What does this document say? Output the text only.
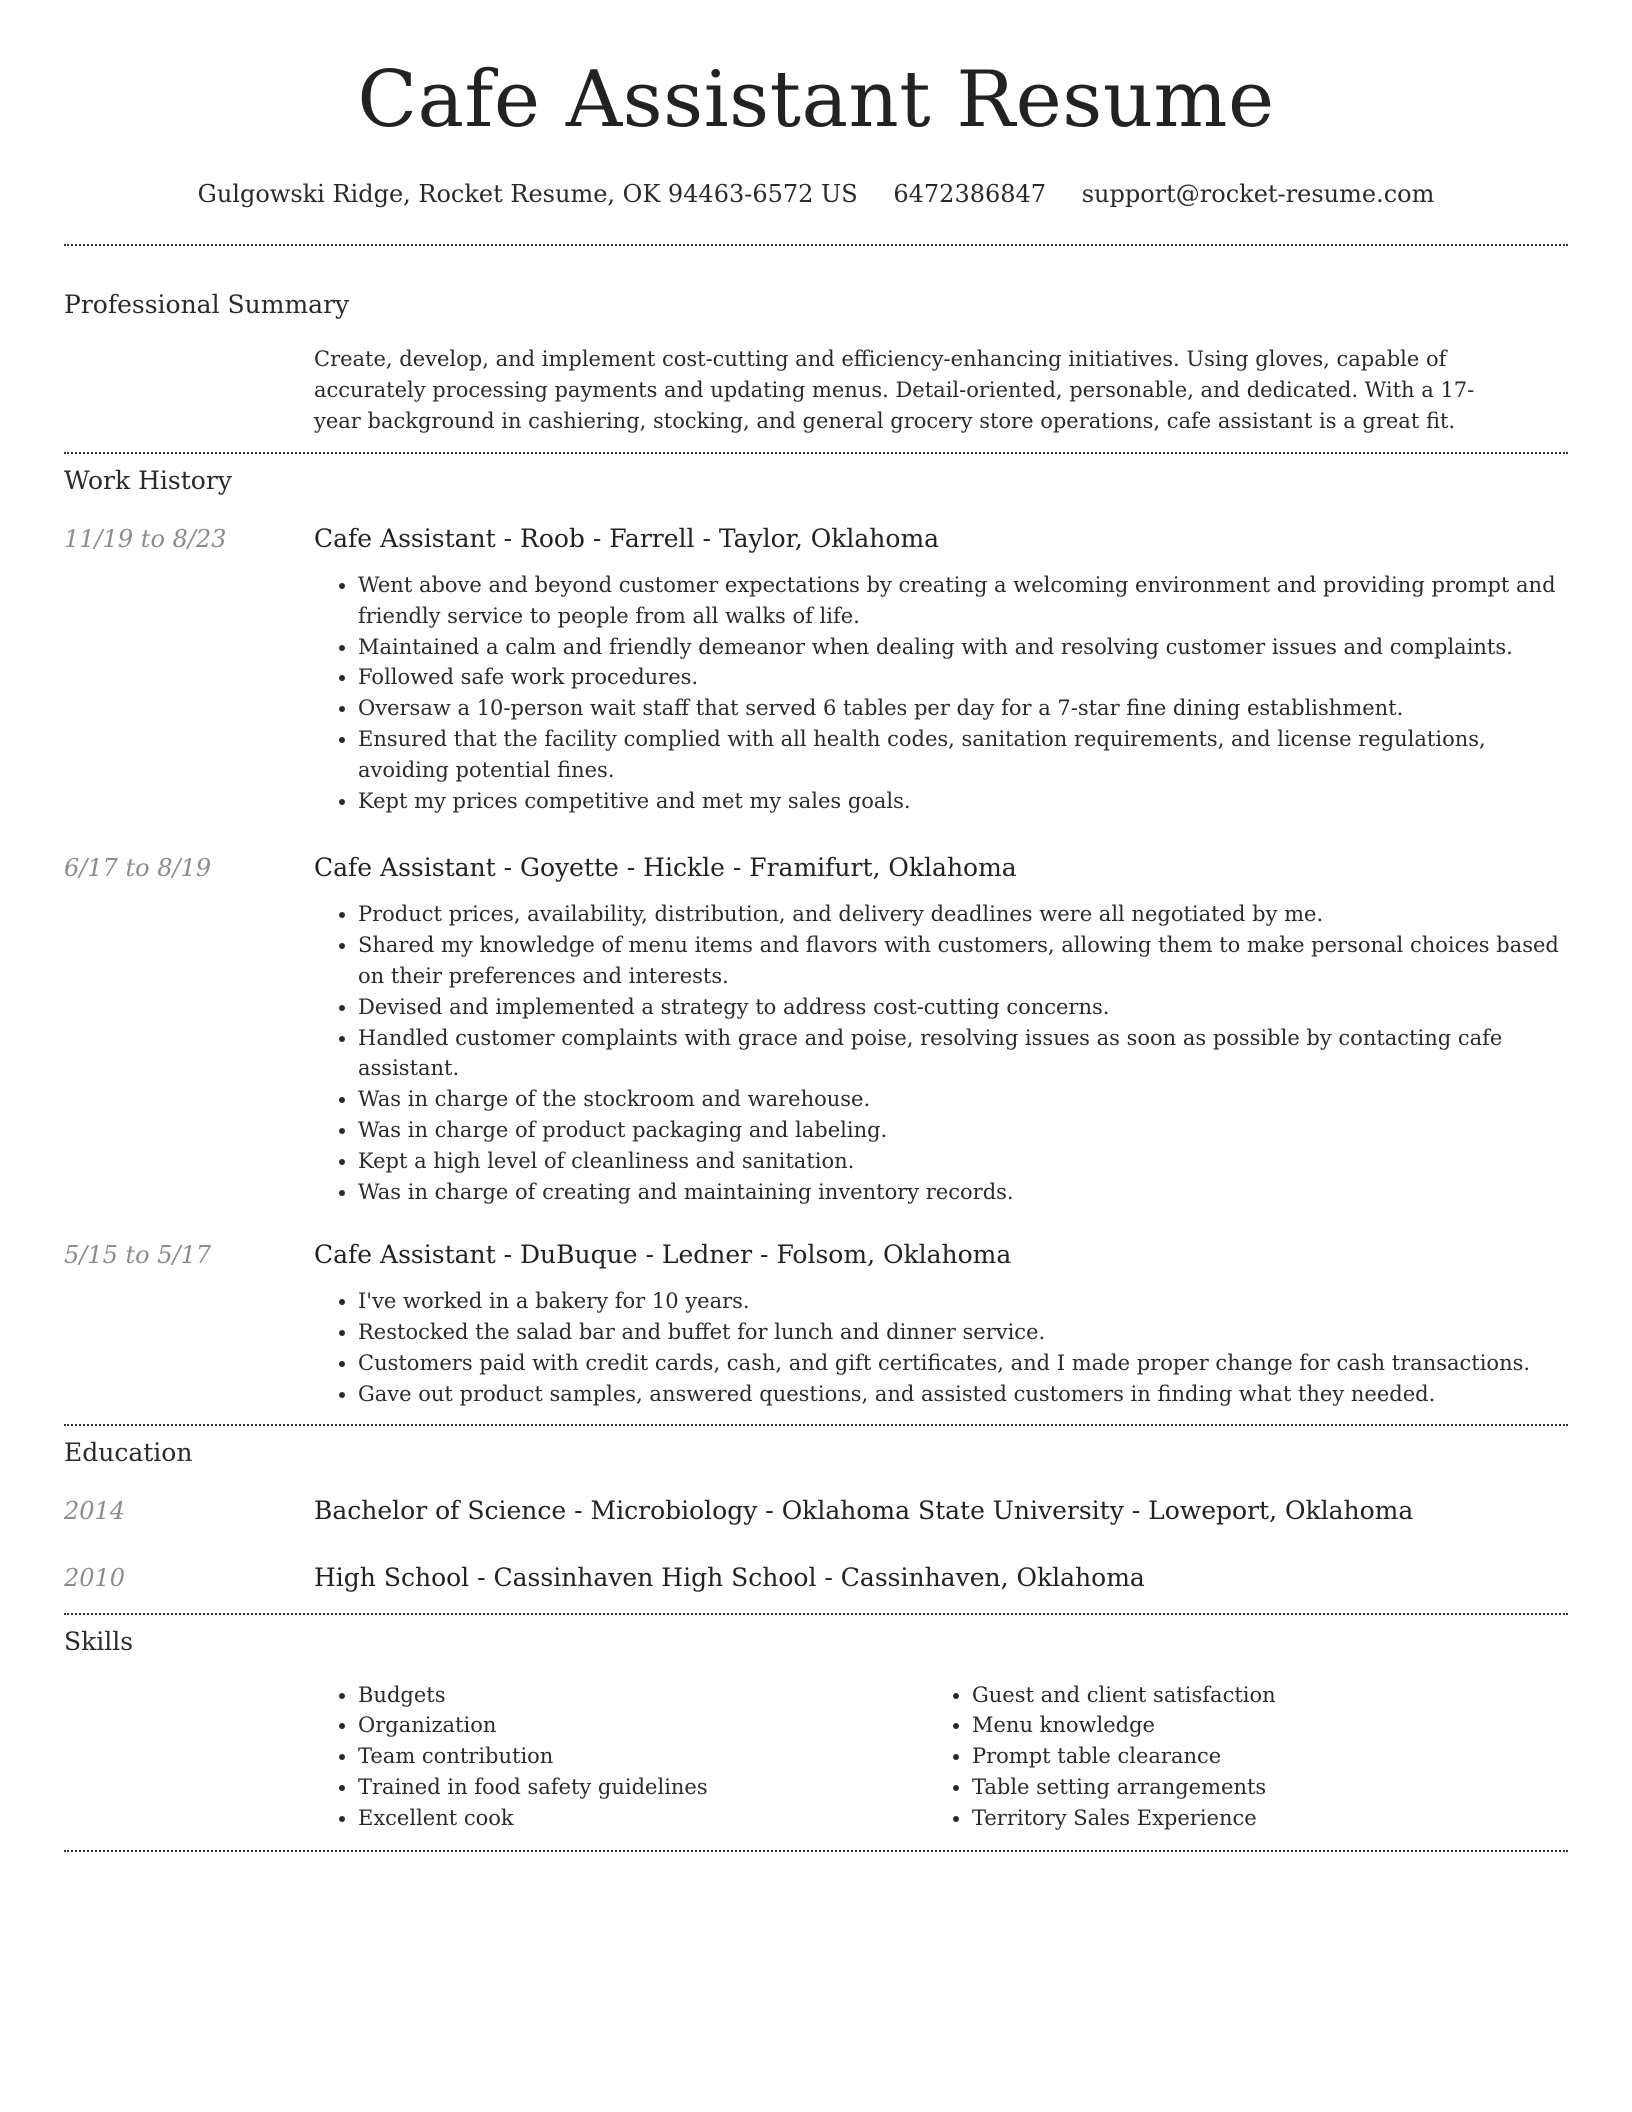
Cafe Assistant Resume
Gulgowski Ridge, Rocket Resume, OK 94463-6572 US 6472386847 support@rocket-resume.com
Professional Summary
Create, develop, and implement cost-cutting and efficiency-enhancing initiatives. Using gloves, capable of accurately processing payments and updating menus. Detail-oriented, personable, and dedicated. With a 17-year background in cashiering, stocking, and general grocery store operations, cafe assistant is a great fit.
Work History
11/19 to 8/23	Cafe Assistant - Roob - Farrell - Taylor, Oklahoma
• Went above and beyond customer expectations by creating a welcoming environment and providing prompt and friendly service to people from all walks of life.
• Maintained a calm and friendly demeanor when dealing with and resolving customer issues and complaints.
• Followed safe work procedures.
• Oversaw a 10-person wait staff that served 6 tables per day for a 7-star fine dining establishment.
• Ensured that the facility complied with all health codes, sanitation requirements, and license regulations, avoiding potential fines.
• Kept my prices competitive and met my sales goals.
6/17 to 8/19	Cafe Assistant - Goyette - Hickle - Framifurt, Oklahoma
• Product prices, availability, distribution, and delivery deadlines were all negotiated by me.
• Shared my knowledge of menu items and flavors with customers, allowing them to make personal choices based on their preferences and interests.
• Devised and implemented a strategy to address cost-cutting concerns.
• Handled customer complaints with grace and poise, resolving issues as soon as possible by contacting cafe assistant.
• Was in charge of the stockroom and warehouse.
• Was in charge of product packaging and labeling.
• Kept a high level of cleanliness and sanitation.
• Was in charge of creating and maintaining inventory records.
5/15 to 5/17	Cafe Assistant - DuBuque - Ledner - Folsom, Oklahoma
• I've worked in a bakery for 10 years.
• Restocked the salad bar and buffet for lunch and dinner service.
• Customers paid with credit cards, cash, and gift certificates, and I made proper change for cash transactions.
• Gave out product samples, answered questions, and assisted customers in finding what they needed.
Education
2014	Bachelor of Science - Microbiology - Oklahoma State University - Loweport, Oklahoma
2010	High School - Cassinhaven High School - Cassinhaven, Oklahoma
Skills
• Budgets
• Organization
• Team contribution
• Trained in food safety guidelines
• Excellent cook
• Guest and client satisfaction
• Menu knowledge
• Prompt table clearance
• Table setting arrangements
• Territory Sales Experience
